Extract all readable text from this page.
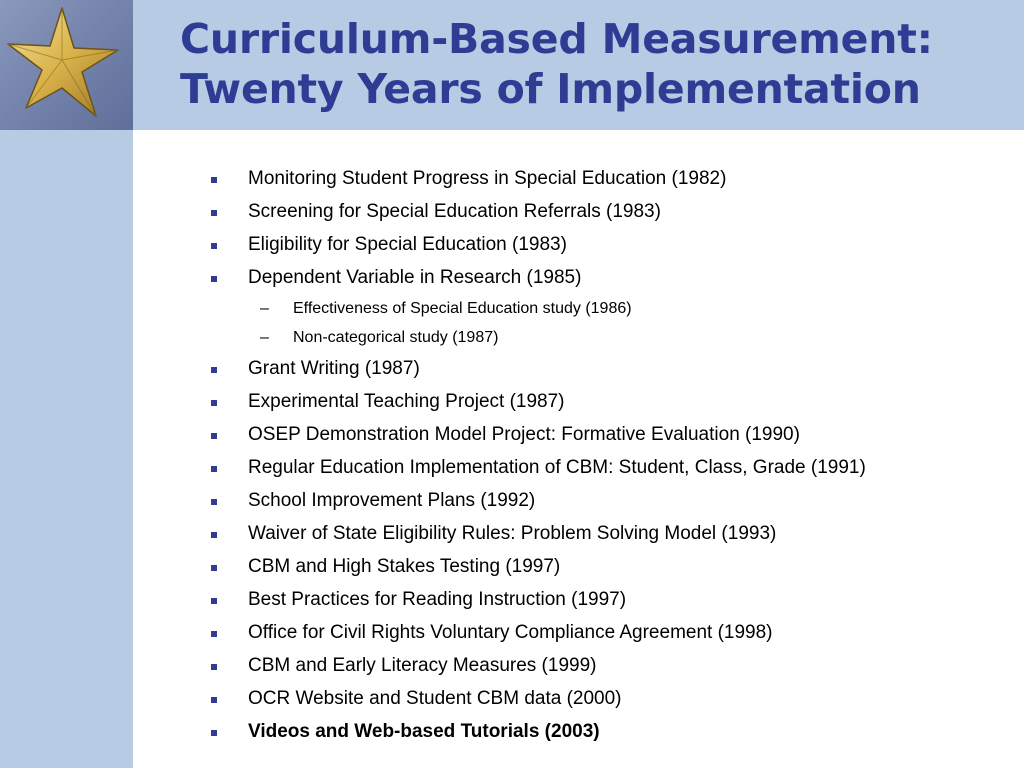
Curriculum-Based Measurement:
Twenty Years of Implementation
Monitoring Student Progress in Special Education (1982)
Screening for Special Education Referrals (1983)
Eligibility for Special Education (1983)
Dependent Variable in Research (1985)
– Effectiveness of Special Education study (1986)
– Non-categorical study (1987)
Grant Writing (1987)
Experimental Teaching Project (1987)
OSEP Demonstration Model Project: Formative Evaluation (1990)
Regular Education Implementation of CBM: Student, Class, Grade (1991)
School Improvement Plans (1992)
Waiver of State Eligibility Rules: Problem Solving Model (1993)
CBM and High Stakes Testing (1997)
Best Practices for Reading Instruction (1997)
Office for Civil Rights Voluntary Compliance Agreement (1998)
CBM and Early Literacy Measures (1999)
OCR Website and Student CBM data (2000)
Videos and Web-based Tutorials (2003)
